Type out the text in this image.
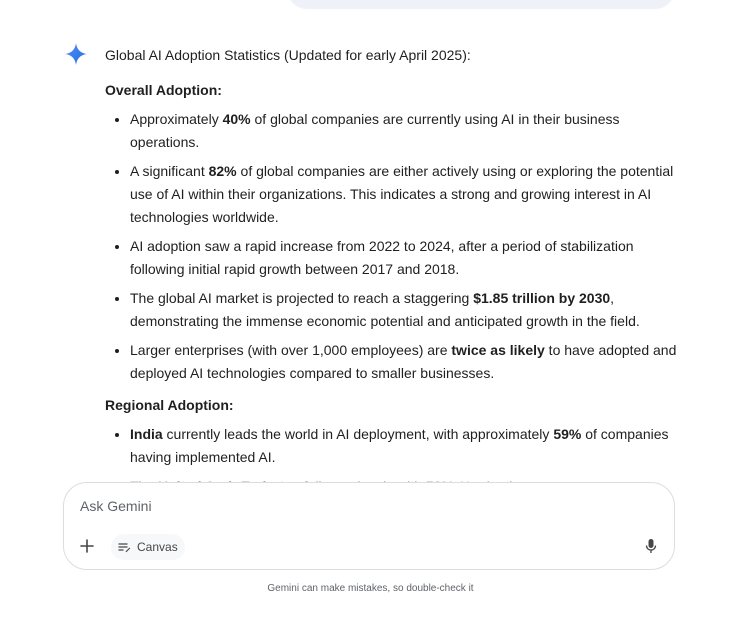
Global AI Adoption Statistics (Updated for early April 2025):

Overall Adoption:
• Approximately 40% of global companies are currently using AI in their business operations.
• A significant 82% of global companies are either actively using or exploring the potential use of AI within their organizations. This indicates a strong and growing interest in AI technologies worldwide.
• AI adoption saw a rapid increase from 2022 to 2024, after a period of stabilization following initial rapid growth between 2017 and 2018.
• The global AI market is projected to reach a staggering $1.85 trillion by 2030, demonstrating the immense economic potential and anticipated growth in the field.
• Larger enterprises (with over 1,000 employees) are twice as likely to have adopted and deployed AI technologies compared to smaller businesses.
Regional Adoption:
• India currently leads the world in AI deployment, with approximately 59% of companies having implemented AI.
•
Ask Gemini
Canvas
Gemini can make mistakes, so double-check it
